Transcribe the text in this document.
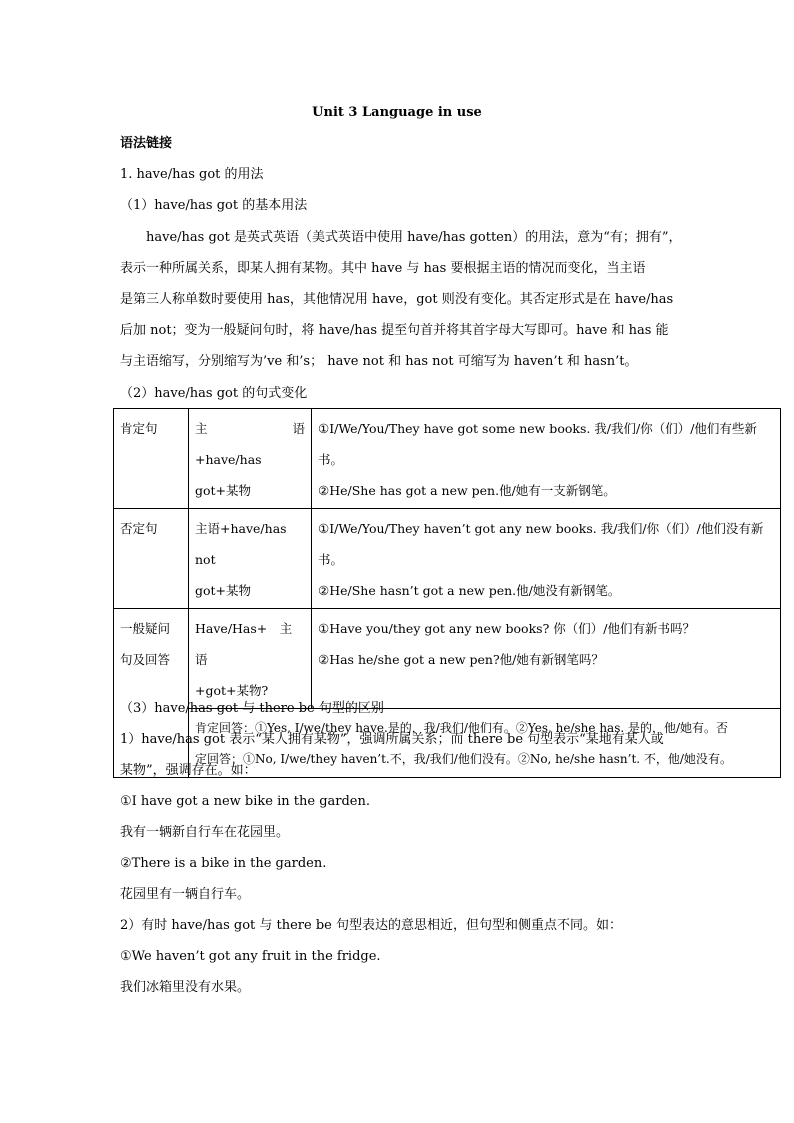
Unit 3 Language in use
语法链接
1. have/has got 的用法
（1）have/has got 的基本用法
　　have/has got 是英式英语（美式英语中使用 have/has gotten）的用法，意为“有；拥有”，
表示一种所属关系，即某人拥有某物。其中 have 与 has 要根据主语的情况而变化，当主语
是第三人称单数时要使用 has，其他情况用 have，got 则没有变化。其否定形式是在 have/has
后加 not；变为一般疑问句时，将 have/has 提至句首并将其首字母大写即可。have 和 has 能
与主语缩写，分别缩写为’ve 和’s； have not 和 has not 可缩写为 haven’t 和 hasn’t。
（2）have/has got 的句式变化
肯定句	主　语　+have/has
got+某物	①I/We/You/They have got some new books. 我/我们/你（们）/他们有些新书。
②He/She has got a new pen.他/她有一支新钢笔。

否定句	主语+have/has not
got+某物	①I/We/You/They haven’t got any new books. 我/我们/你（们）/他们没有新
书。
②He/She hasn’t got a new pen.他/她没有新钢笔。

一般疑问
句及回答	Have/Has+　主　语
+got+某物?	①Have you/they got any new books? 你（们）/他们有新书吗？
②Has he/she got a new pen?他/她有新钢笔吗？

	肯定回答：①Yes, I/we/they have.是的，我/我们/他们有。②Yes, he/she has. 是的，他/她有。否
定回答：①No, I/we/they haven’t.不，我/我们/他们没有。②No, he/she hasn’t. 不，他/她没有。	
（3）have/has got 与 there be 句型的区别
1）have/has got 表示“某人拥有某物”，强调所属关系；而 there be 句型表示“某地有某人或
某物”，强调存在。如：
①I have got a new bike in the garden.
我有一辆新自行车在花园里。
②There is a bike in the garden.
花园里有一辆自行车。
2）有时 have/has got 与 there be 句型表达的意思相近，但句型和侧重点不同。如：
①We haven’t got any fruit in the fridge.
我们冰箱里没有水果。
